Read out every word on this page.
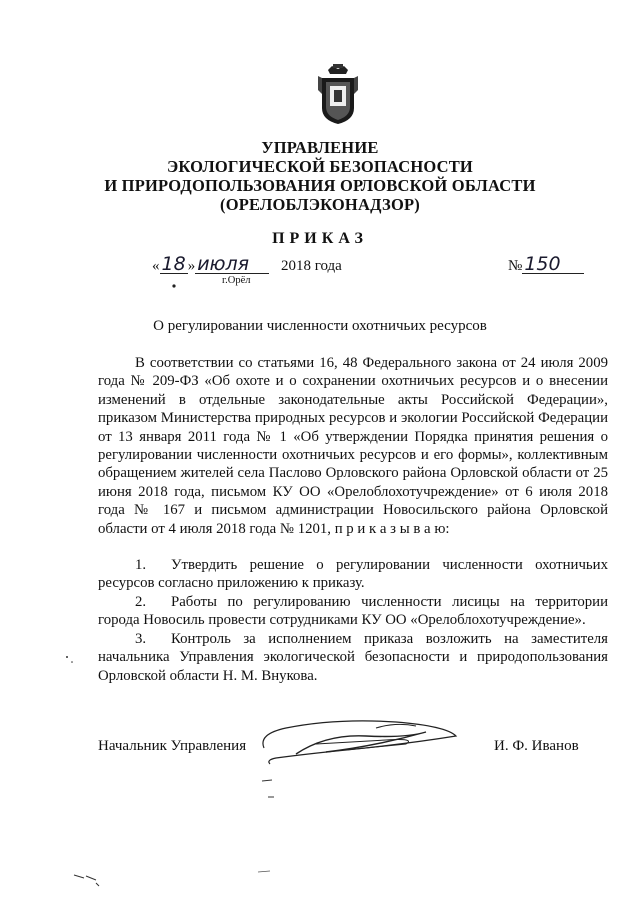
УПРАВЛЕНИЕ
ЭКОЛОГИЧЕСКОЙ БЕЗОПАСНОСТИ
И ПРИРОДОПОЛЬЗОВАНИЯ ОРЛОВСКОЙ ОБЛАСТИ
(ОРЕЛОБЛЭКОНАДЗОР)
ПРИКАЗ
« 18 » июля 2018 года
г.Орёл
№ 150
О регулировании численности охотничьих ресурсов

В соответствии со статьями 16, 48 Федерального закона от 24 июля 2009 года № 209-ФЗ «Об охоте и о сохранении охотничьих ресурсов и о внесении изменений в отдельные законодательные акты Российской Федерации», приказом Министерства природных ресурсов и экологии Российской Федерации от 13 января 2011 года № 1 «Об утверждении Порядка принятия решения о регулировании численности охотничьих ресурсов и его формы», коллективным обращением жителей села Паслово Орловского района Орловской области от 25 июня 2018 года, письмом КУ ОО «Орелоблохотучреждение» от 6 июля 2018 года № 167 и письмом администрации Новосильского района Орловской области от 4 июля 2018 года № 1201, п р и к а з ы в а ю:

1. Утвердить решение о регулировании численности охотничьих ресурсов согласно приложению к приказу.

2. Работы по регулированию численности лисицы на территории города Новосиль провести сотрудниками КУ ОО «Орелоблохотучреждение».

3. Контроль за исполнением приказа возложить на заместителя начальника Управления экологической безопасности и природопользования Орловской области Н. М. Внукова.

Начальник Управления	И. Ф. Иванов
